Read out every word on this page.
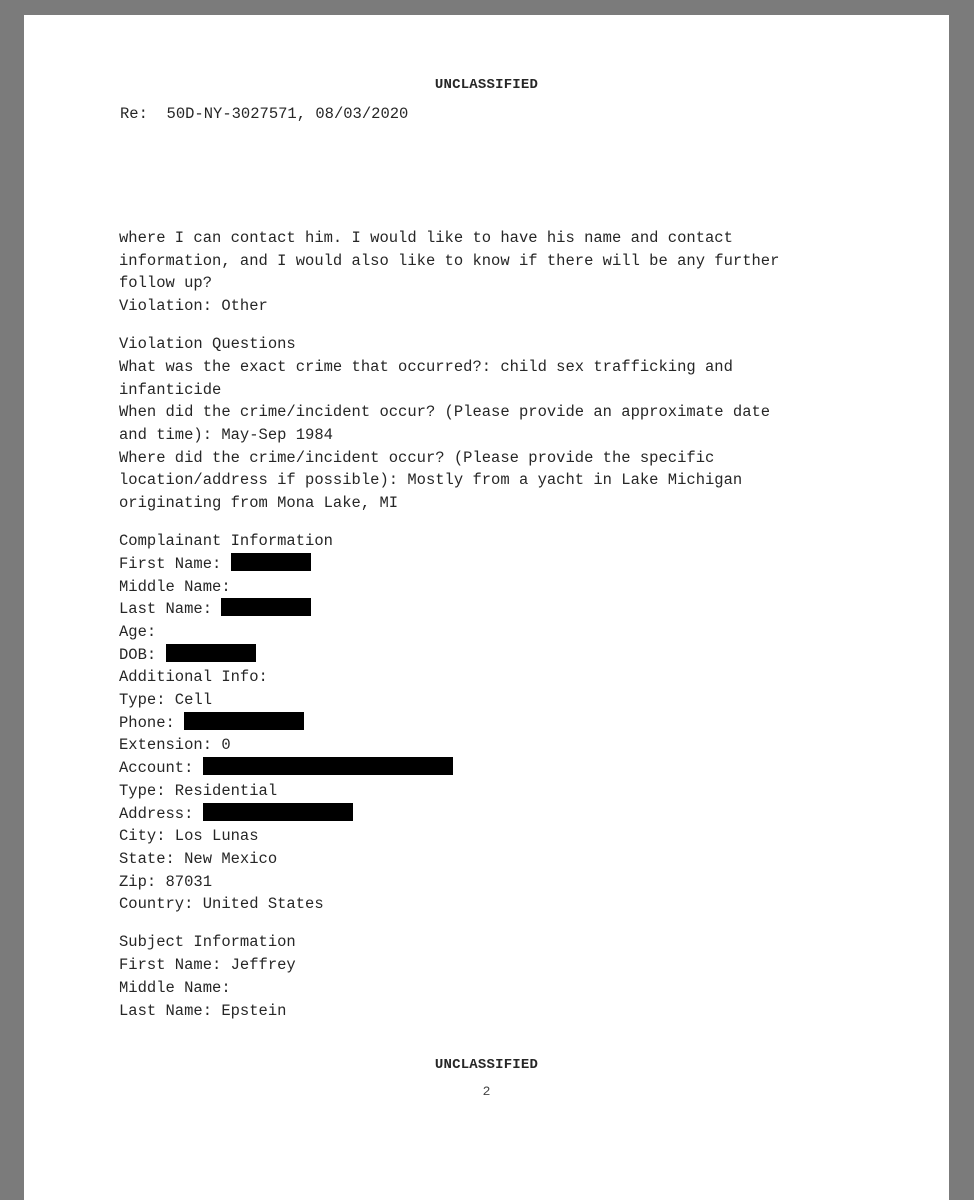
UNCLASSIFIED
Re: 50D-NY-3027571, 08/03/2020
where I can contact him. I would like to have his name and contact
information, and I would also like to know if there will be any further
follow up?
Violation: Other
Violation Questions
What was the exact crime that occurred?: child sex trafficking and
infanticide
When did the crime/incident occur? (Please provide an approximate date
and time): May-Sep 1984
Where did the crime/incident occur? (Please provide the specific
location/address if possible): Mostly from a yacht in Lake Michigan
originating from Mona Lake, MI
Complainant Information
First Name:
Middle Name:
Last Name:
Age:
DOB:
Additional Info:
Type: Cell
Phone:
Extension: 0
Account:
Type: Residential
Address:
City: Los Lunas
State: New Mexico
Zip: 87031
Country: United States
Subject Information
First Name: Jeffrey
Middle Name:
Last Name: Epstein
UNCLASSIFIED
2
